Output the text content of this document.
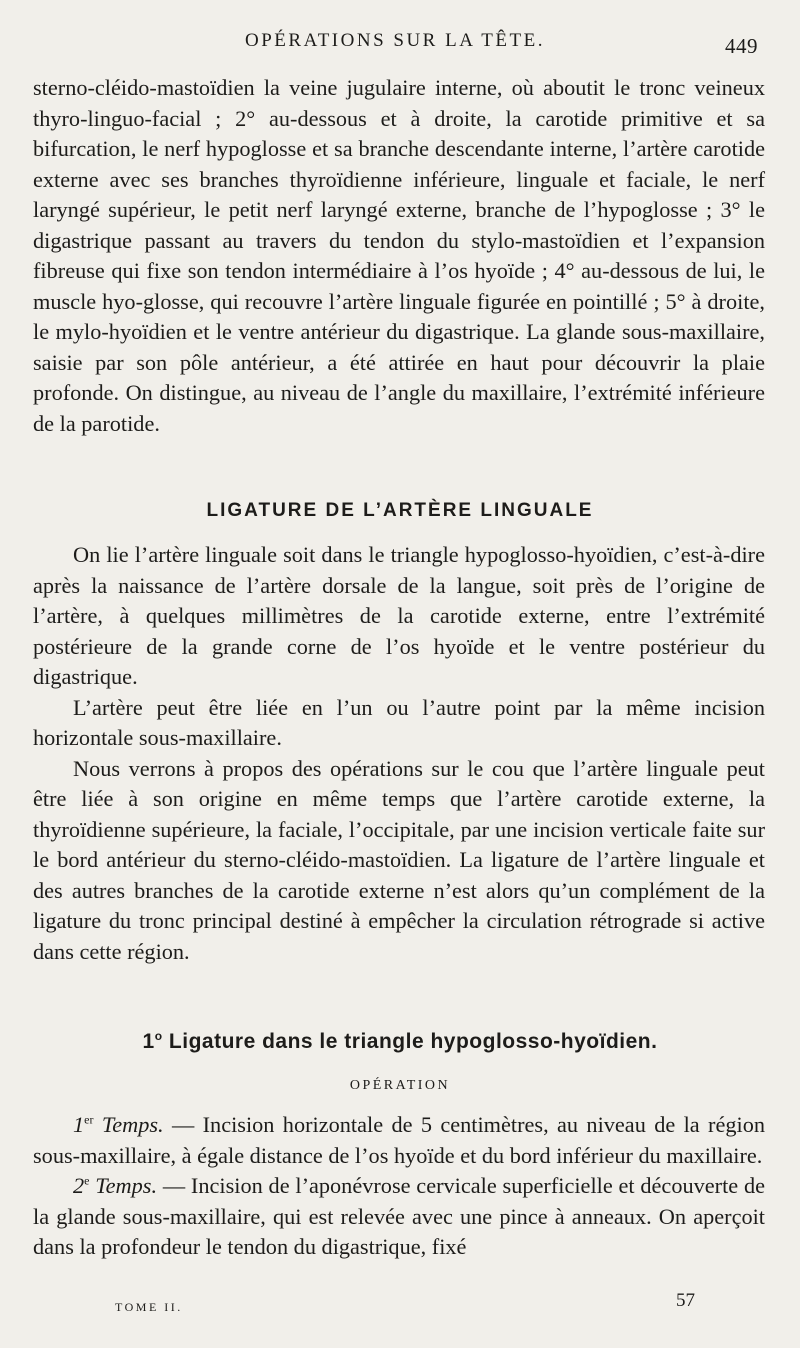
OPÉRATIONS SUR LA TÊTE.	449

sterno-cléido-mastoïdien la veine jugulaire interne, où aboutit le tronc veineux thyro-linguo-facial ; 2° au-dessous et à droite, la carotide primitive et sa bifurcation, le nerf hypoglosse et sa branche descendante interne, l’artère carotide externe avec ses branches thyroïdienne inférieure, linguale et faciale, le nerf laryngé supérieur, le petit nerf laryngé externe, branche de l’hypoglosse ; 3° le digastrique passant au travers du tendon du stylo-mastoïdien et l’expansion fibreuse qui fixe son tendon intermédiaire à l’os hyoïde ; 4° au-dessous de lui, le muscle hyo-glosse, qui recouvre l’artère linguale figurée en pointillé ; 5° à droite, le mylo-hyoïdien et le ventre antérieur du digastrique. La glande sous-maxillaire, saisie par son pôle antérieur, a été attirée en haut pour découvrir la plaie profonde. On distingue, au niveau de l’angle du maxillaire, l’extrémité inférieure de la parotide.

LIGATURE DE L’ARTÈRE LINGUALE

On lie l’artère linguale soit dans le triangle hypoglosso-hyoïdien, c’est-à-dire après la naissance de l’artère dorsale de la langue, soit près de l’origine de l’artère, à quelques millimètres de la carotide externe, entre l’extrémité postérieure de la grande corne de l’os hyoïde et le ventre postérieur du digastrique.

L’artère peut être liée en l’un ou l’autre point par la même incision horizontale sous-maxillaire.

Nous verrons à propos des opérations sur le cou que l’artère linguale peut être liée à son origine en même temps que l’artère carotide externe, la thyroïdienne supérieure, la faciale, l’occipitale, par une incision verticale faite sur le bord antérieur du sterno-cléido-mastoïdien. La ligature de l’artère linguale et des autres branches de la carotide externe n’est alors qu’un complément de la ligature du tronc principal destiné à empêcher la circulation rétrograde si active dans cette région.

1$^o$ Ligature dans le triangle hypoglosso-hyoïdien.
OPÉRATION

1er Temps. — Incision horizontale de 5 centimètres, au niveau de la région sous-maxillaire, à égale distance de l’os hyoïde et du bord inférieur du maxillaire.

2e Temps. — Incision de l’aponévrose cervicale superficielle et découverte de la glande sous-maxillaire, qui est relevée avec une pince à anneaux. On aperçoit dans la profondeur le tendon du digastrique, fixé

TOME II.	57
